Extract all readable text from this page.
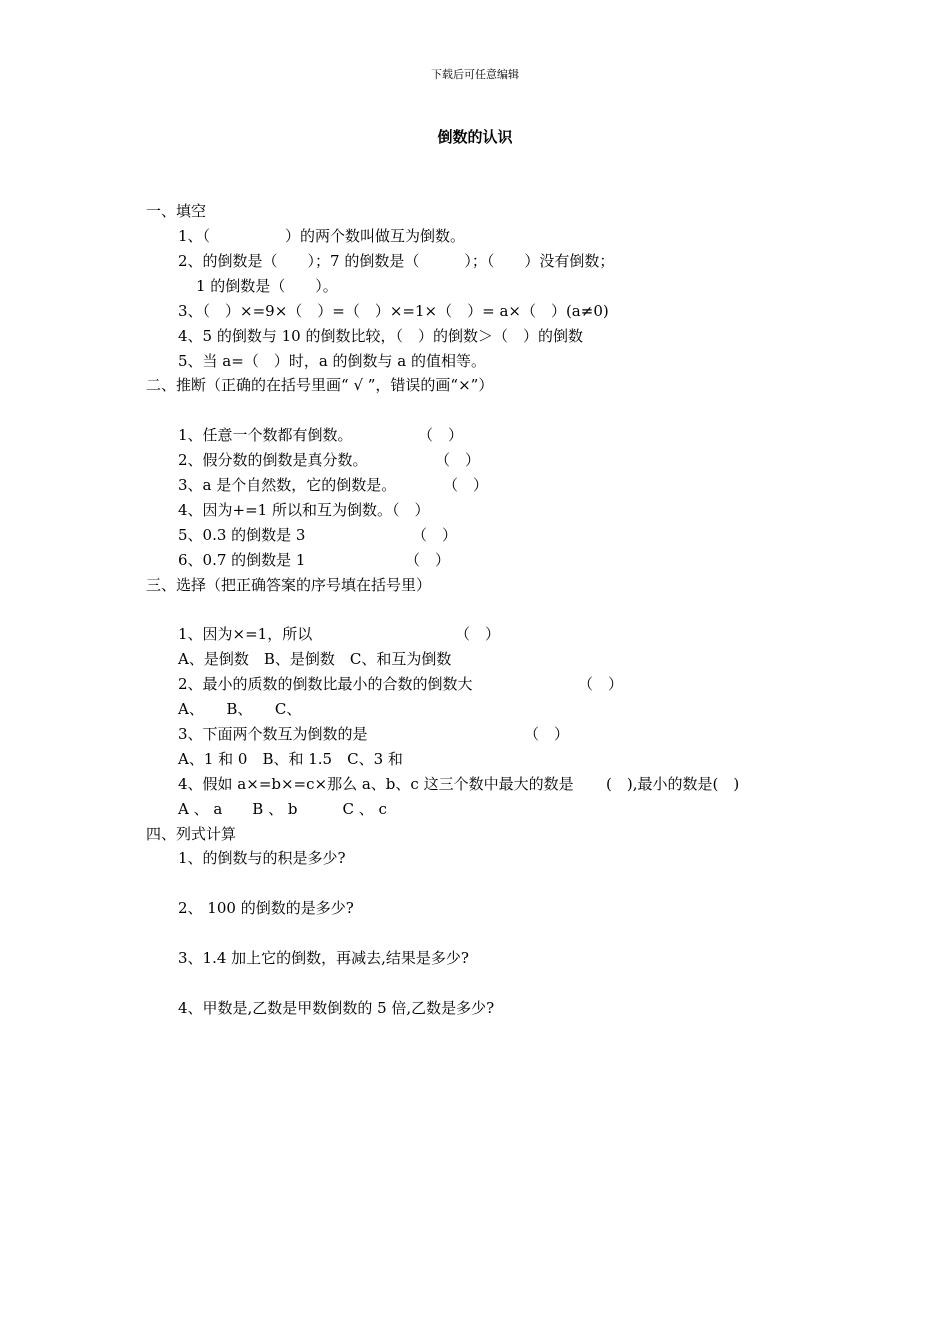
下载后可任意编辑
倒数的认识
一、填空
1、（　　　　　）的两个数叫做互为倒数。
2、的倒数是（　　）；7 的倒数是（　　　）；（　　）没有倒数；
1 的倒数是（　　）。
3、（　）×=9×（　）=（　）×=1×（　）= a×（　）(a≠0)
4、5 的倒数与 10 的倒数比较，（　）的倒数＞（　）的倒数
5、当 a=（　）时，a 的倒数与 a 的值相等。
二、推断（正确的在括号里画“ √ ”，错误的画“×”）
1、任意一个数都有倒数。	（　）
2、假分数的倒数是真分数。	（　）
3、a 是个自然数，它的倒数是。	（　）
4、因为+=1 所以和互为倒数。（　）
5、0.3 的倒数是 3	（　）
6、0.7 的倒数是 1	（　）
三、选择（把正确答案的序号填在括号里）
1、因为×=1，所以	（　）
A、是倒数　B、是倒数　C、和互为倒数
2、最小的质数的倒数比最小的合数的倒数大	（　）
A、　　B、　　C、
3、下面两个数互为倒数的是	（　）
A、1 和 0　B、和 1.5　C、3 和
4、假如 a×=b×=c×那么 a、b、c 这三个数中最大的数是 (　),最小的数是(　)
A 、 a　　B 、 b　　　C 、 c
四、列式计算
1、的倒数与的积是多少?
2、 100 的倒数的是多少?
3、1.4 加上它的倒数，再减去,结果是多少?
4、甲数是,乙数是甲数倒数的 5 倍,乙数是多少?
